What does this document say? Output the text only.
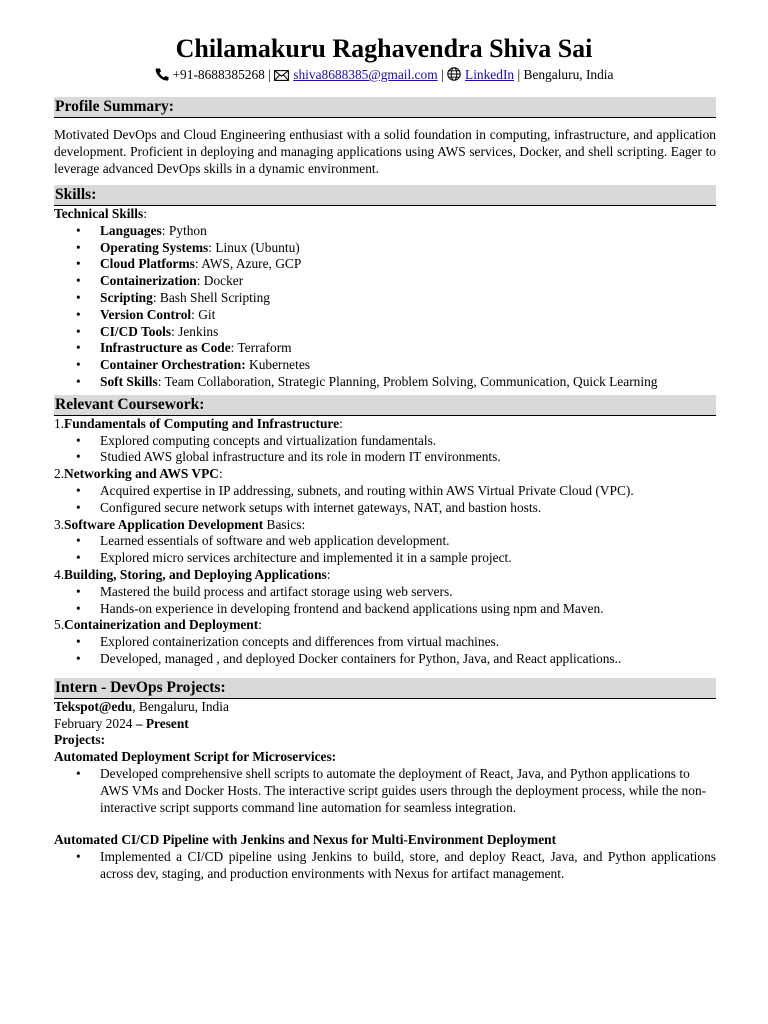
Chilamakuru Raghavendra Shiva Sai
+91-8688385268 | shiva8688385@gmail.com | LinkedIn | Bengaluru, India
Profile Summary:
Motivated DevOps and Cloud Engineering enthusiast with a solid foundation in computing, infrastructure, and application development. Proficient in deploying and managing applications using AWS services, Docker, and shell scripting. Eager to leverage advanced DevOps skills in a dynamic environment.
Skills:
Technical Skills:
• Languages: Python
• Operating Systems: Linux (Ubuntu)
• Cloud Platforms: AWS, Azure, GCP
• Containerization: Docker
• Scripting: Bash Shell Scripting
• Version Control: Git
• CI/CD Tools: Jenkins
• Infrastructure as Code: Terraform
• Container Orchestration: Kubernetes
• Soft Skills: Team Collaboration, Strategic Planning, Problem Solving, Communication, Quick Learning
Relevant Coursework:
1.Fundamentals of Computing and Infrastructure:
• Explored computing concepts and virtualization fundamentals.
• Studied AWS global infrastructure and its role in modern IT environments.
2.Networking and AWS VPC:
• Acquired expertise in IP addressing, subnets, and routing within AWS Virtual Private Cloud (VPC).
• Configured secure network setups with internet gateways, NAT, and bastion hosts.
3.Software Application Development Basics:
• Learned essentials of software and web application development.
• Explored micro services architecture and implemented it in a sample project.
4.Building, Storing, and Deploying Applications:
• Mastered the build process and artifact storage using web servers.
• Hands-on experience in developing frontend and backend applications using npm and Maven.
5.Containerization and Deployment:
• Explored containerization concepts and differences from virtual machines.
• Developed, managed , and deployed Docker containers for Python, Java, and React applications..
Intern - DevOps Projects:
Tekspot@edu, Bengaluru, India
February 2024 – Present
Projects:
Automated Deployment Script for Microservices:
• Developed comprehensive shell scripts to automate the deployment of React, Java, and Python applications to AWS VMs and Docker Hosts. The interactive script guides users through the deployment process, while the non-interactive script supports command line automation for seamless integration.
Automated CI/CD Pipeline with Jenkins and Nexus for Multi-Environment Deployment
• Implemented a CI/CD pipeline using Jenkins to build, store, and deploy React, Java, and Python applications across dev, staging, and production environments with Nexus for artifact management.
